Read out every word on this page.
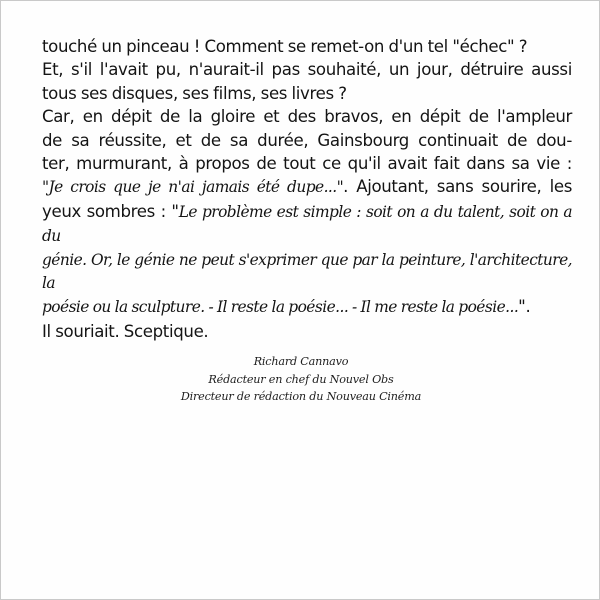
touché un pinceau ! Comment se remet-on d'un tel "échec" ?
Et, s'il l'avait pu, n'aurait-il pas souhaité, un jour, détruire aussi
tous ses disques, ses films, ses livres ?
Car, en dépit de la gloire et des bravos, en dépit de l'ampleur
de sa réussite, et de sa durée, Gainsbourg continuait de dou-
ter, murmurant, à propos de tout ce qu'il avait fait dans sa vie :
"Je crois que je n'ai jamais été dupe...". Ajoutant, sans sourire, les
yeux sombres : "Le problème est simple : soit on a du talent, soit on a du
génie. Or, le génie ne peut s'exprimer que par la peinture, l'architecture, la
poésie ou la sculpture. - Il reste la poésie... - Il me reste la poésie...".
Il souriait. Sceptique.
Richard Cannavo
Rédacteur en chef du Nouvel Obs
Directeur de rédaction du Nouveau Cinéma
